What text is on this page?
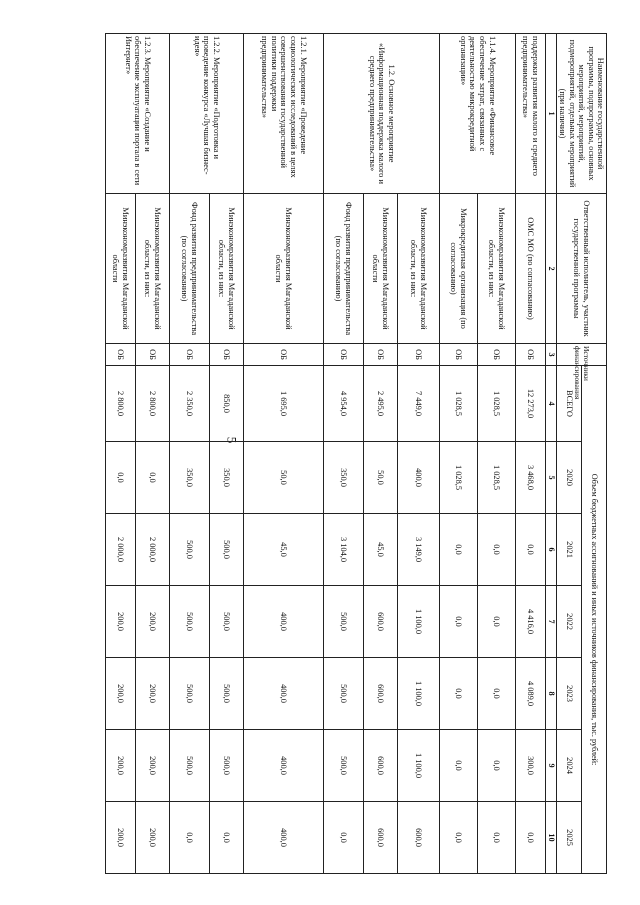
5
Наименование государственной программы, подпрограммы, основных мероприятий, мероприятий, подмероприятий, отдельных мероприятий (при наличии)	Ответственный исполнитель, участник государственной программы	Источники финансирования	Объем бюджетных ассигнований и иных источников финансирования, тыс. рублей:						
			ВСЕГО	2020	2021	2022	2023	2024	2025
1	2	3	4	5	6	7	8	9	10
поддержки развития малого и среднего предпринимательства»	ОМС МО (по согласованию)	ОБ	12 273,0	3 468,0	0,0	4 416,0	4 089,0	300,0	0,0
1.1.4. Мероприятие «Финансовое обеспечение затрат, связанных с деятельностью микрокредитной организации»	Минэкономразвития Магаданской области, из них:	ОБ	1 028,5	1 028,5	0,0	0,0	0,0	0,0	0,0
	Микрокредитная организация (по согласованию)	ОБ	1 028,5	1 028,5	0,0	0,0	0,0	0,0	0,0
1.2. Основное мероприятие «Информационная поддержка малого и среднего предпринимательства»	Минэкономразвития Магаданской области, из них:	ОБ	7 449,0	400,0	3 149,0	1 100,0	1 100,0	1 100,0	600,0
	Минэкономразвития Магаданской области	ОБ	2 495,0	50,0	45,0	600,0	600,0	600,0	600,0
	Фонд развития предпринимательства (по согласованию)	ОБ	4 954,0	350,0	3 104,0	500,0	500,0	500,0	0,0
1.2.1. Мероприятие «Проведение социологических исследований в целях совершенствования государственной политики поддержки предпринимательства»	Минэкономразвития Магаданской области	ОБ	1 695,0	50,0	45,0	400,0	400,0	400,0	400,0
1.2.2. Мероприятие «Подготовка и проведение конкурса «Лучшая бизнес-идея»	Минэкономразвития Магаданской области, из них:	ОБ	850,0	350,0	500,0	500,0	500,0	500,0	0,0
	Фонд развития предпринимательства (по согласованию)	ОБ	2 350,0	350,0	500,0	500,0	500,0	500,0	0,0
1.2.3. Мероприятие «Создание и обеспечение эксплуатации портала в сети Интернет»	Минэкономразвития Магаданской области, из них:	ОБ	2 800,0	0,0	2 000,0	200,0	200,0	200,0	200,0
	Минэкономразвития Магаданской области	ОБ	2 800,0	0,0	2 000,0	200,0	200,0	200,0	200,0
